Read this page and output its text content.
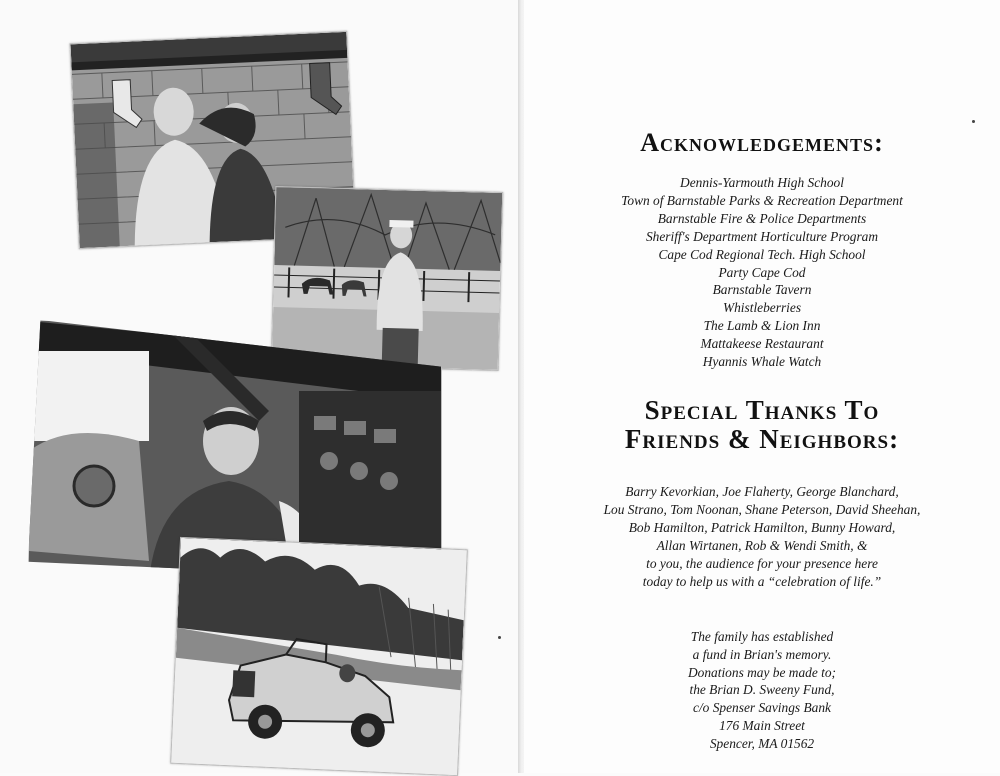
Acknowledgements:
Dennis-Yarmouth High School
Town of Barnstable Parks & Recreation Department
Barnstable Fire & Police Departments
Sheriff's Department Horticulture Program
Cape Cod Regional Tech. High School
Party Cape Cod
Barnstable Tavern
Whistleberries
The Lamb & Lion Inn
Mattakeese Restaurant
Hyannis Whale Watch
Special Thanks To
Friends & Neighbors:
Barry Kevorkian, Joe Flaherty, George Blanchard,
Lou Strano, Tom Noonan, Shane Peterson, David Sheehan,
Bob Hamilton, Patrick Hamilton, Bunny Howard,
Allan Wirtanen, Rob & Wendi Smith, &
to you, the audience for your presence here
today to help us with a “celebration of life.”
The family has established
a fund in Brian's memory.
Donations may be made to;
the Brian D. Sweeny Fund,
c/o Spenser Savings Bank
176 Main Street
Spencer, MA 01562
